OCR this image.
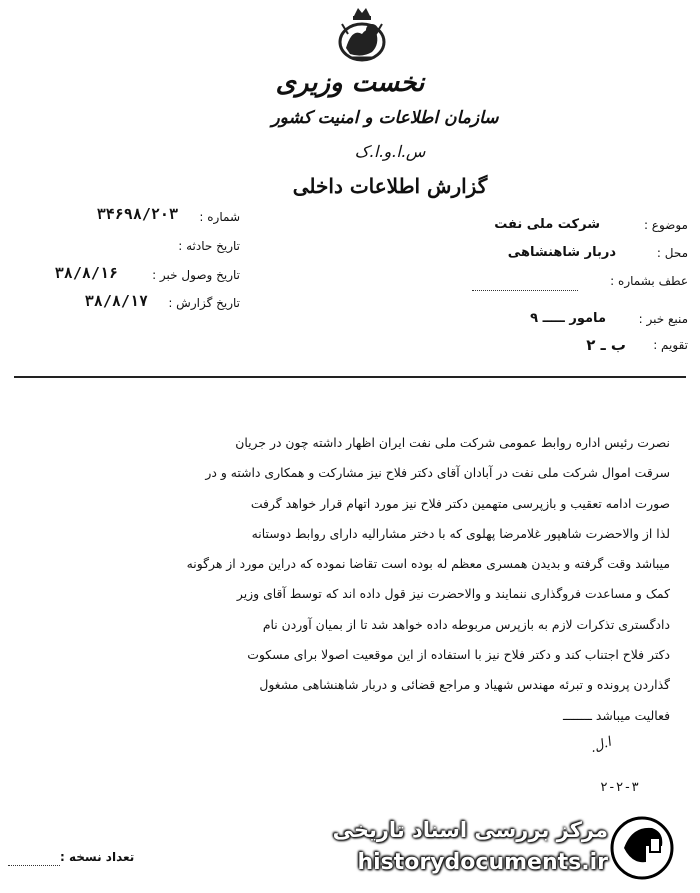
نخست وزیری
سازمان اطلاعات و امنیت کشور
س.ا.و.ا.ک
گزارش اطلاعات داخلی
موضوع :
شرکت ملی نفت
محل :
دربار شاهنشاهی
عطف بشماره :
منبع خبر :
مامور ـــــ ۹
تقویم :
ب ـ ۲
شماره :
۳۴۶۹۸/۲۰۳
تاریخ حادثه :
تاریخ وصول خبر :
۳۸/۸/۱۶
تاریخ گزارش :
۳۸/۸/۱۷
نصرت رئیس اداره روابط عمومی شرکت ملی نفت ایران اظهار داشته چون در جریان
سرقت اموال شرکت ملی نفت در آبادان آقای دکتر فلاح نیز مشارکت و همکاری داشته و در
صورت ادامه تعقیب و بازپرسی متهمین دکتر فلاح نیز مورد اتهام قرار خواهد گرفت
لذا از والاحضرت شاهپور غلامرضا پهلوی که با دختر مشارالیه دارای روابط دوستانه
میباشد وقت گرفته و بدیدن همسری معظم له بوده است تقاضا نموده که دراین مورد از هرگونه
کمک و مساعدت فروگذاری ننمایند و والاحضرت نیز قول داده اند که توسط آقای وزیر
دادگستری تذکرات لازم به بازپرس مربوطه داده خواهد شد تا از بمیان آوردن نام
دکتر فلاح اجتناب کند و دکتر فلاح نیز با استفاده از این موقعیت اصولا برای مسکوت
گذاردن پرونده و تبرئه مهندس شهیاد و مراجع قضائی و دربار شاهنشاهی مشغول
فعالیت میباشد ــــــــ
ا.ل.
۲-۲-۳
تعداد نسخه :
مرکز بررسی اسناد تاریخی
historydocuments.ir
